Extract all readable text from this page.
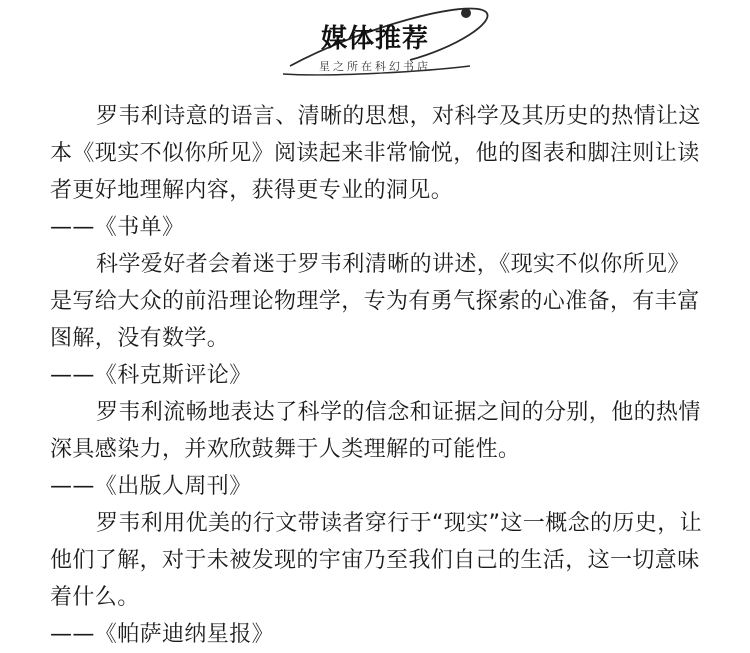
媒体推荐
星之所在科幻书店

罗韦利诗意的语言、清晰的思想，对科学及其历史的热情让这本《现实不似你所见》阅读起来非常愉悦，他的图表和脚注则让读者更好地理解内容，获得更专业的洞见。

——《书单》

科学爱好者会着迷于罗韦利清晰的讲述，《现实不似你所见》是写给大众的前沿理论物理学，专为有勇气探索的心准备，有丰富图解，没有数学。

——《科克斯评论》

罗韦利流畅地表达了科学的信念和证据之间的分别，他的热情深具感染力，并欢欣鼓舞于人类理解的可能性。

——《出版人周刊》

罗韦利用优美的行文带读者穿行于“现实”这一概念的历史，让他们了解，对于未被发现的宇宙乃至我们自己的生活，这一切意味着什么。

——《帕萨迪纳星报》
